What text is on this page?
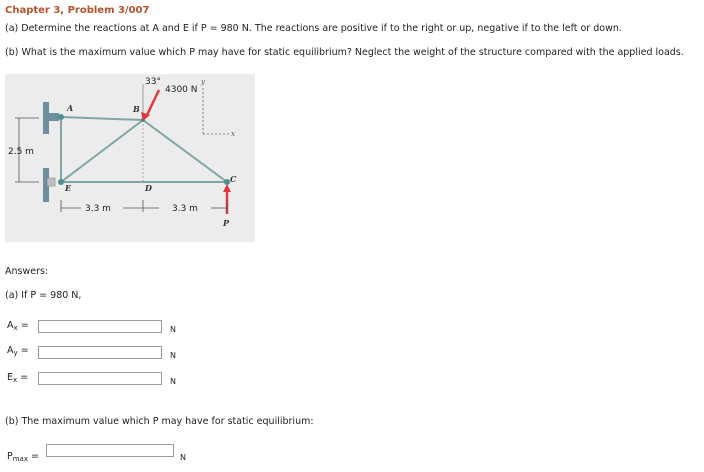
Chapter 3, Problem 3/007
(a) Determine the reactions at A and E if P = 980 N. The reactions are positive if to the right or up, negative if to the left or down.
(b) What is the maximum value which P may have for static equilibrium? Neglect the weight of the structure compared with the applied loads.
A	B
C
D
E
P
y
x
33°
4300 N
2.5 m
3.3 m	3.3 m
Answers:
(a) If P = 980 N,
$A_x$ =	N
$A_y$ =	N
$E_x$ =	N
(b) The maximum value which P may have for static equilibrium:
$P_{max}$ =	N
